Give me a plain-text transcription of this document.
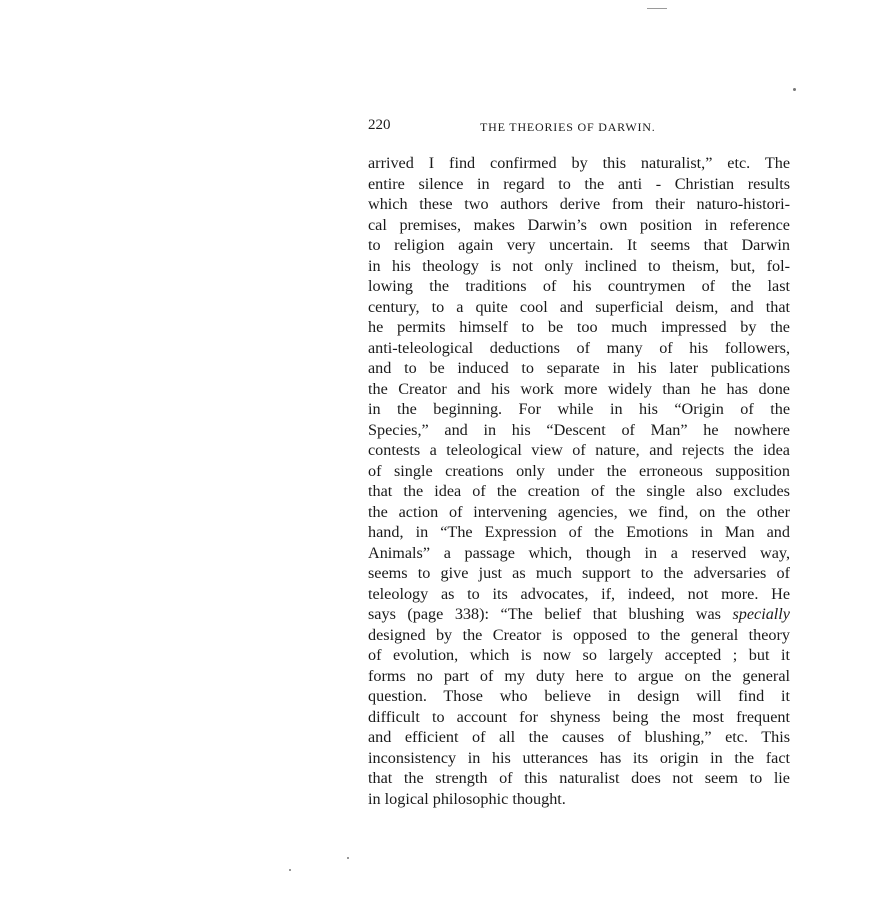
220	THE THEORIES OF DARWIN.
arrived I find confirmed by this naturalist,” etc. The
entire silence in regard to the anti - Christian results
which these two authors derive from their naturo-histori-
cal premises, makes Darwin’s own position in reference
to religion again very uncertain. It seems that Darwin
in his theology is not only inclined to theism, but, fol-
lowing the traditions of his countrymen of the last
century, to a quite cool and superficial deism, and that
he permits himself to be too much impressed by the
anti-teleological deductions of many of his followers,
and to be induced to separate in his later publications
the Creator and his work more widely than he has done
in the beginning. For while in his “Origin of the
Species,” and in his “Descent of Man” he nowhere
contests a teleological view of nature, and rejects the idea
of single creations only under the erroneous supposition
that the idea of the creation of the single also excludes
the action of intervening agencies, we find, on the other
hand, in “The Expression of the Emotions in Man and
Animals” a passage which, though in a reserved way,
seems to give just as much support to the adversaries of
teleology as to its advocates, if, indeed, not more. He
says (page 338): “The belief that blushing was specially
designed by the Creator is opposed to the general theory
of evolution, which is now so largely accepted ; but it
forms no part of my duty here to argue on the general
question. Those who believe in design will find it
difficult to account for shyness being the most frequent
and efficient of all the causes of blushing,” etc. This
inconsistency in his utterances has its origin in the fact
that the strength of this naturalist does not seem to lie
in logical philosophic thought.
